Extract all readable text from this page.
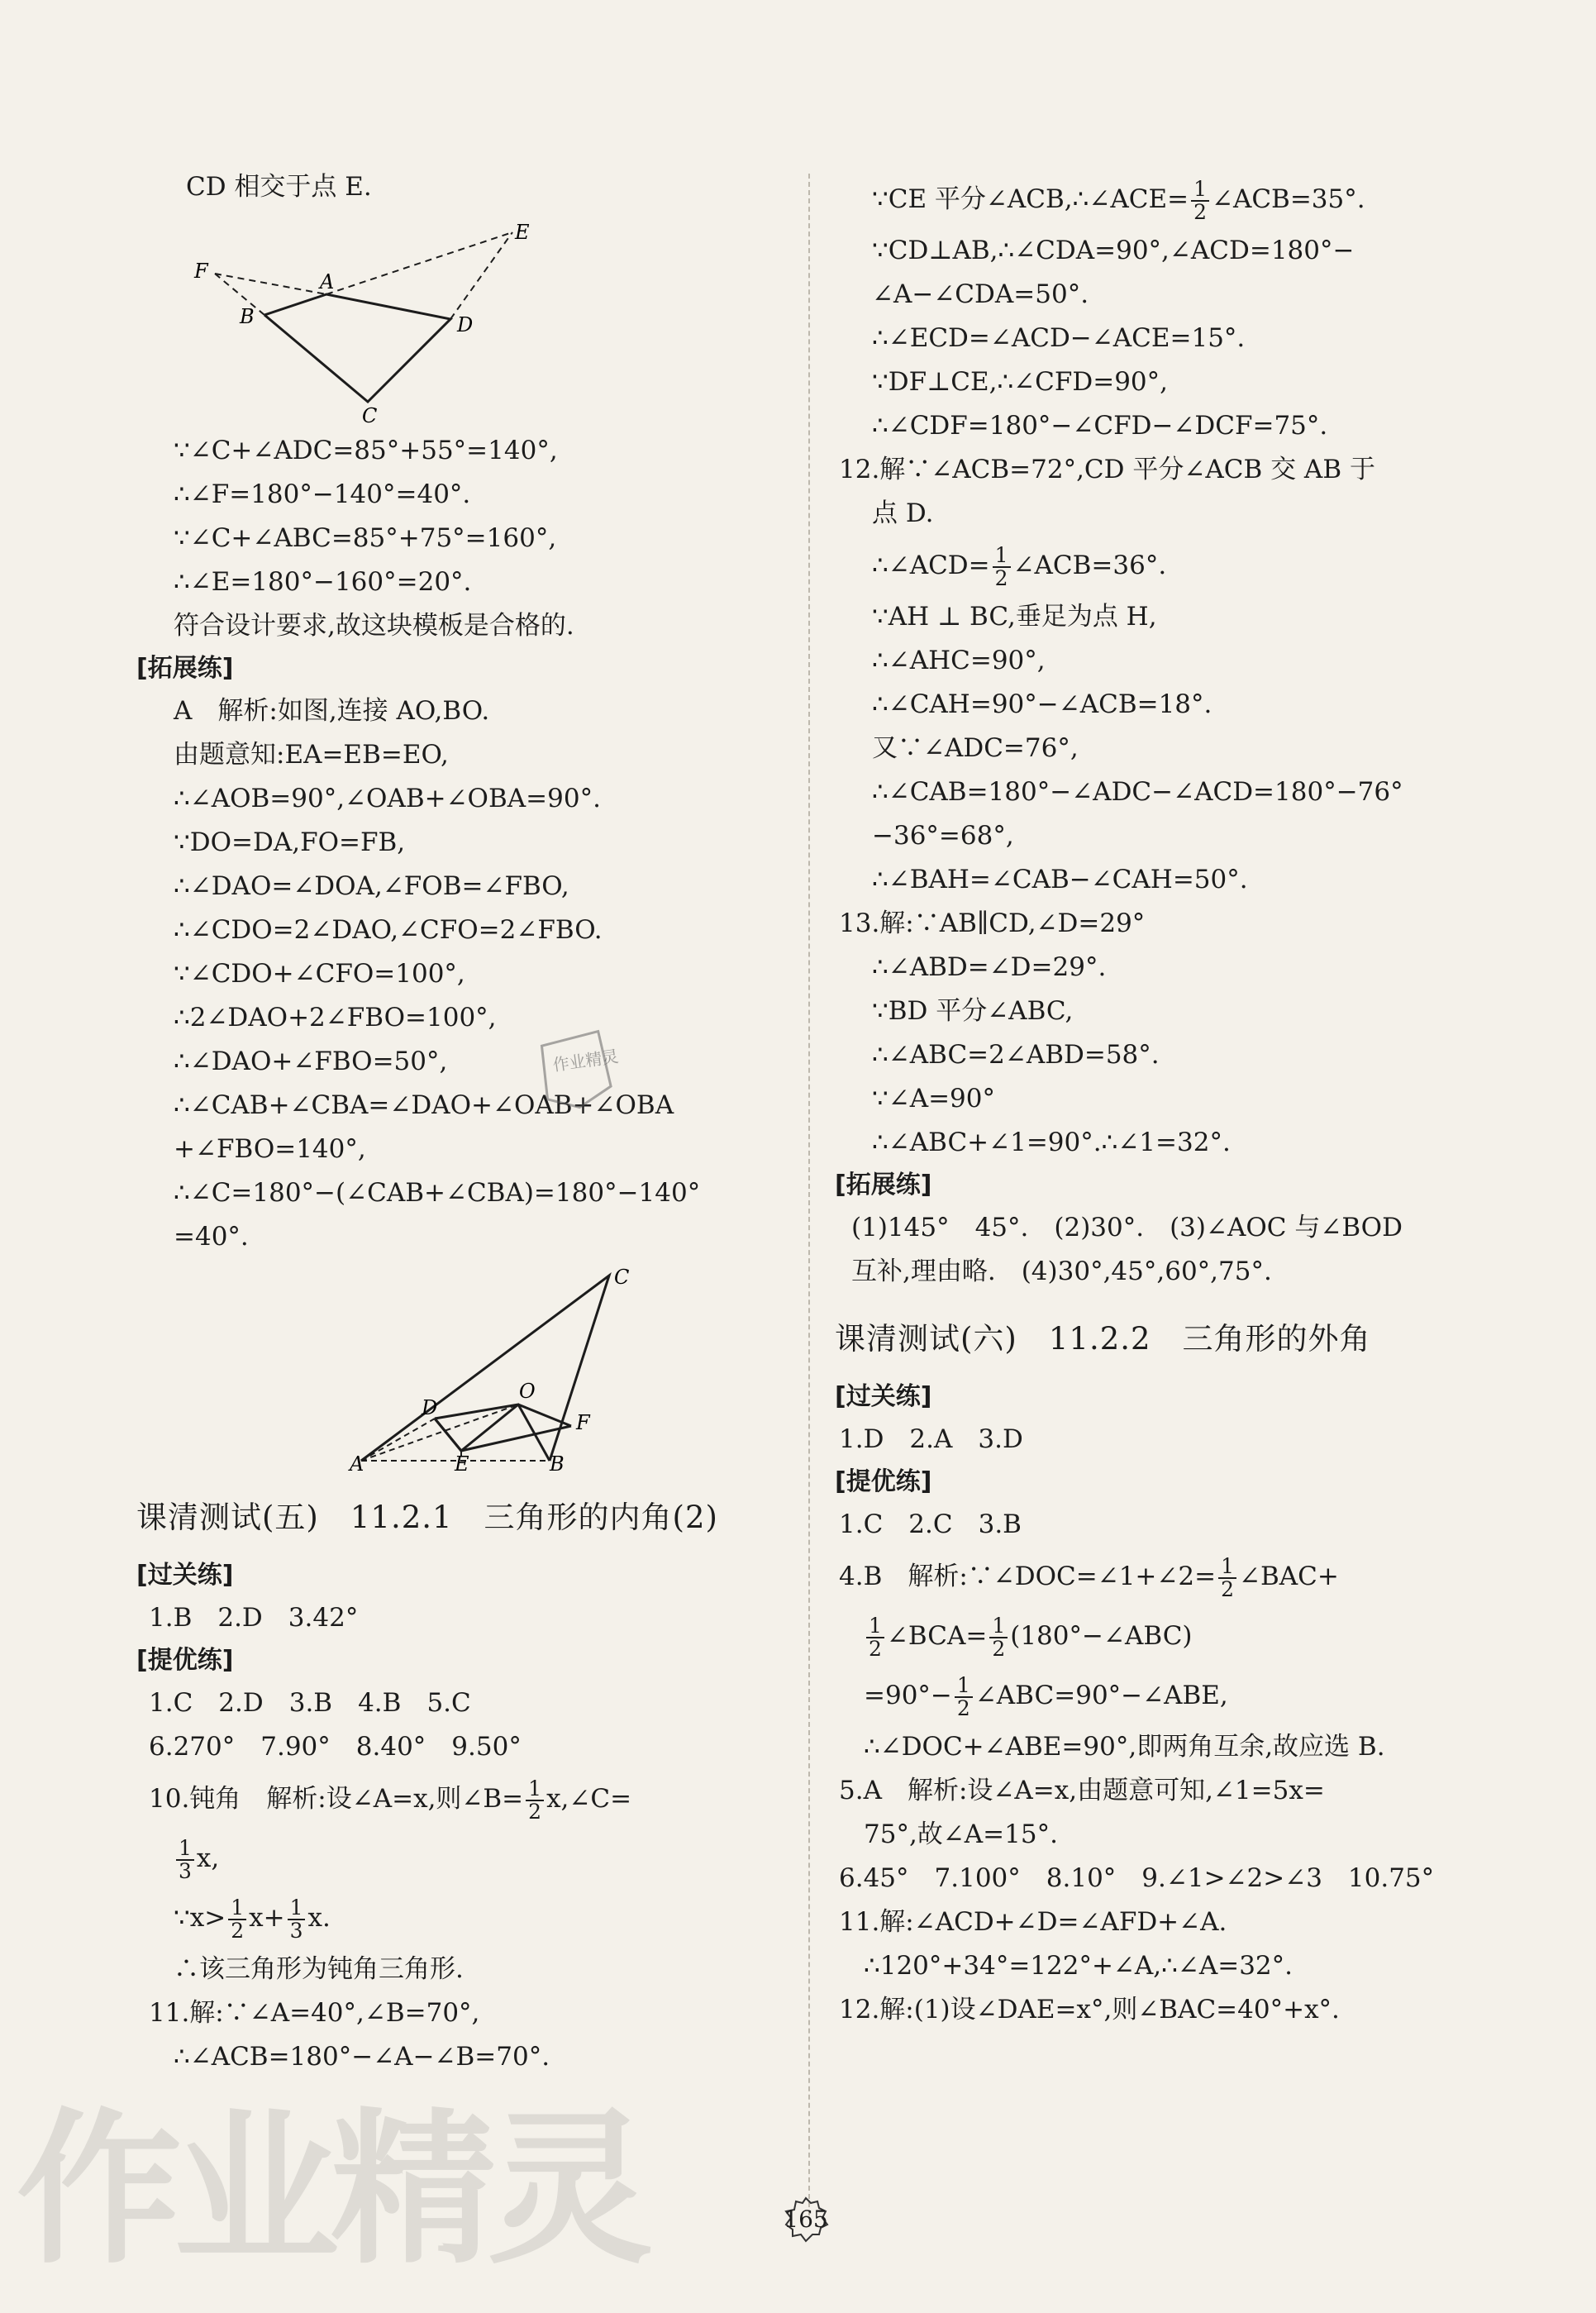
CD 相交于点 E.
E
F	A
B	D
C
∵∠C+∠ADC=85°+55°=140°,
∴∠F=180°−140°=40°.
∵∠C+∠ABC=85°+75°=160°,
∴∠E=180°−160°=20°.
符合设计要求,故这块模板是合格的.
[拓展练]
A　解析:如图,连接 AO,BO.
由题意知:EA=EB=EO,
∴∠AOB=90°,∠OAB+∠OBA=90°.
∵DO=DA,FO=FB,
∴∠DAO=∠DOA,∠FOB=∠FBO,
∴∠CDO=2∠DAO,∠CFO=2∠FBO.
∵∠CDO+∠CFO=100°,
∴2∠DAO+2∠FBO=100°,
∴∠DAO+∠FBO=50°,
∴∠CAB+∠CBA=∠DAO+∠OAB+∠OBA
+∠FBO=140°,
∴∠C=180°−(∠CAB+∠CBA)=180°−140°
=40°.
C
D
O
F
A	E	B
课清测试(五)　11.2.1　三角形的内角(2)
[过关练]
1.B　2.D　3.42°
[提优练]
1.C　2.D　3.B　4.B　5.C
6.270°　7.90°　8.40°　9.50°
10.钝角　解析:设∠A=x,则∠B= $\frac{1}{2}$ x,∠C=
$\frac{1}{3} x$,
∵x> $\frac{1}{2} x+ \frac{1}{3} x$.
∴该三角形为钝角三角形.
11.解:∵∠A=40°,∠B=70°,
∴∠ACB=180°−∠A−∠B=70°.
∵CE 平分∠ACB,∴∠ACE= $\frac{1}{2}$ ∠ACB=35°.
∵CD⊥AB,∴∠CDA=90°,∠ACD=180°−
∠A−∠CDA=50°.
∴∠ECD=∠ACD−∠ACE=15°.
∵DF⊥CE,∴∠CFD=90°,
∴∠CDF=180°−∠CFD−∠DCF=75°.
12.解∵∠ACB=72°,CD 平分∠ACB 交 AB 于
点 D.
∴∠ACD= $\frac{1}{2}$ ∠ACB=36°.
∵AH ⊥ BC,垂足为点 H,
∴∠AHC=90°,
∴∠CAH=90°−∠ACB=18°.
又∵∠ADC=76°,
∴∠CAB=180°−∠ADC−∠ACD=180°−76°
−36°=68°,
∴∠BAH=∠CAB−∠CAH=50°.
13.解:∵AB∥CD,∠D=29°
∴∠ABD=∠D=29°.
∵BD 平分∠ABC,
∴∠ABC=2∠ABD=58°.
∵∠A=90°
∴∠ABC+∠1=90°.∴∠1=32°.
[拓展练]
(1)145°　45°.　(2)30°.　(3)∠AOC 与∠BOD
互补,理由略.　(4)30°,45°,60°,75°.
课清测试(六)　11.2.2　三角形的外角
[过关练]
1.D　2.A　3.D
[提优练]
1.C　2.C　3.B
4.B　解析:∵∠DOC=∠1+∠2= $\frac{1}{2}$ ∠BAC+
$\frac{1}{2}$ ∠BCA= $\frac{1}{2}$ (180°−∠ABC)
$=90^\circ- \frac{1}{2}$ ∠ABC=90°−∠ABE,
∴∠DOC+∠ABE=90°,即两角互余,故应选 B.
5.A　解析:设∠A=x,由题意可知,∠1=5x=
75°,故∠A=15°.
6.45°　7.100°　8.10°　9.∠1>∠2>∠3　10.75°
11.解:∠ACD+∠D=∠AFD+∠A.
∴120°+34°=122°+∠A,∴∠A=32°.
12.解:(1)设∠DAE=x°,则∠BAC=40°+x°.
作业精灵
165
作业精灵
